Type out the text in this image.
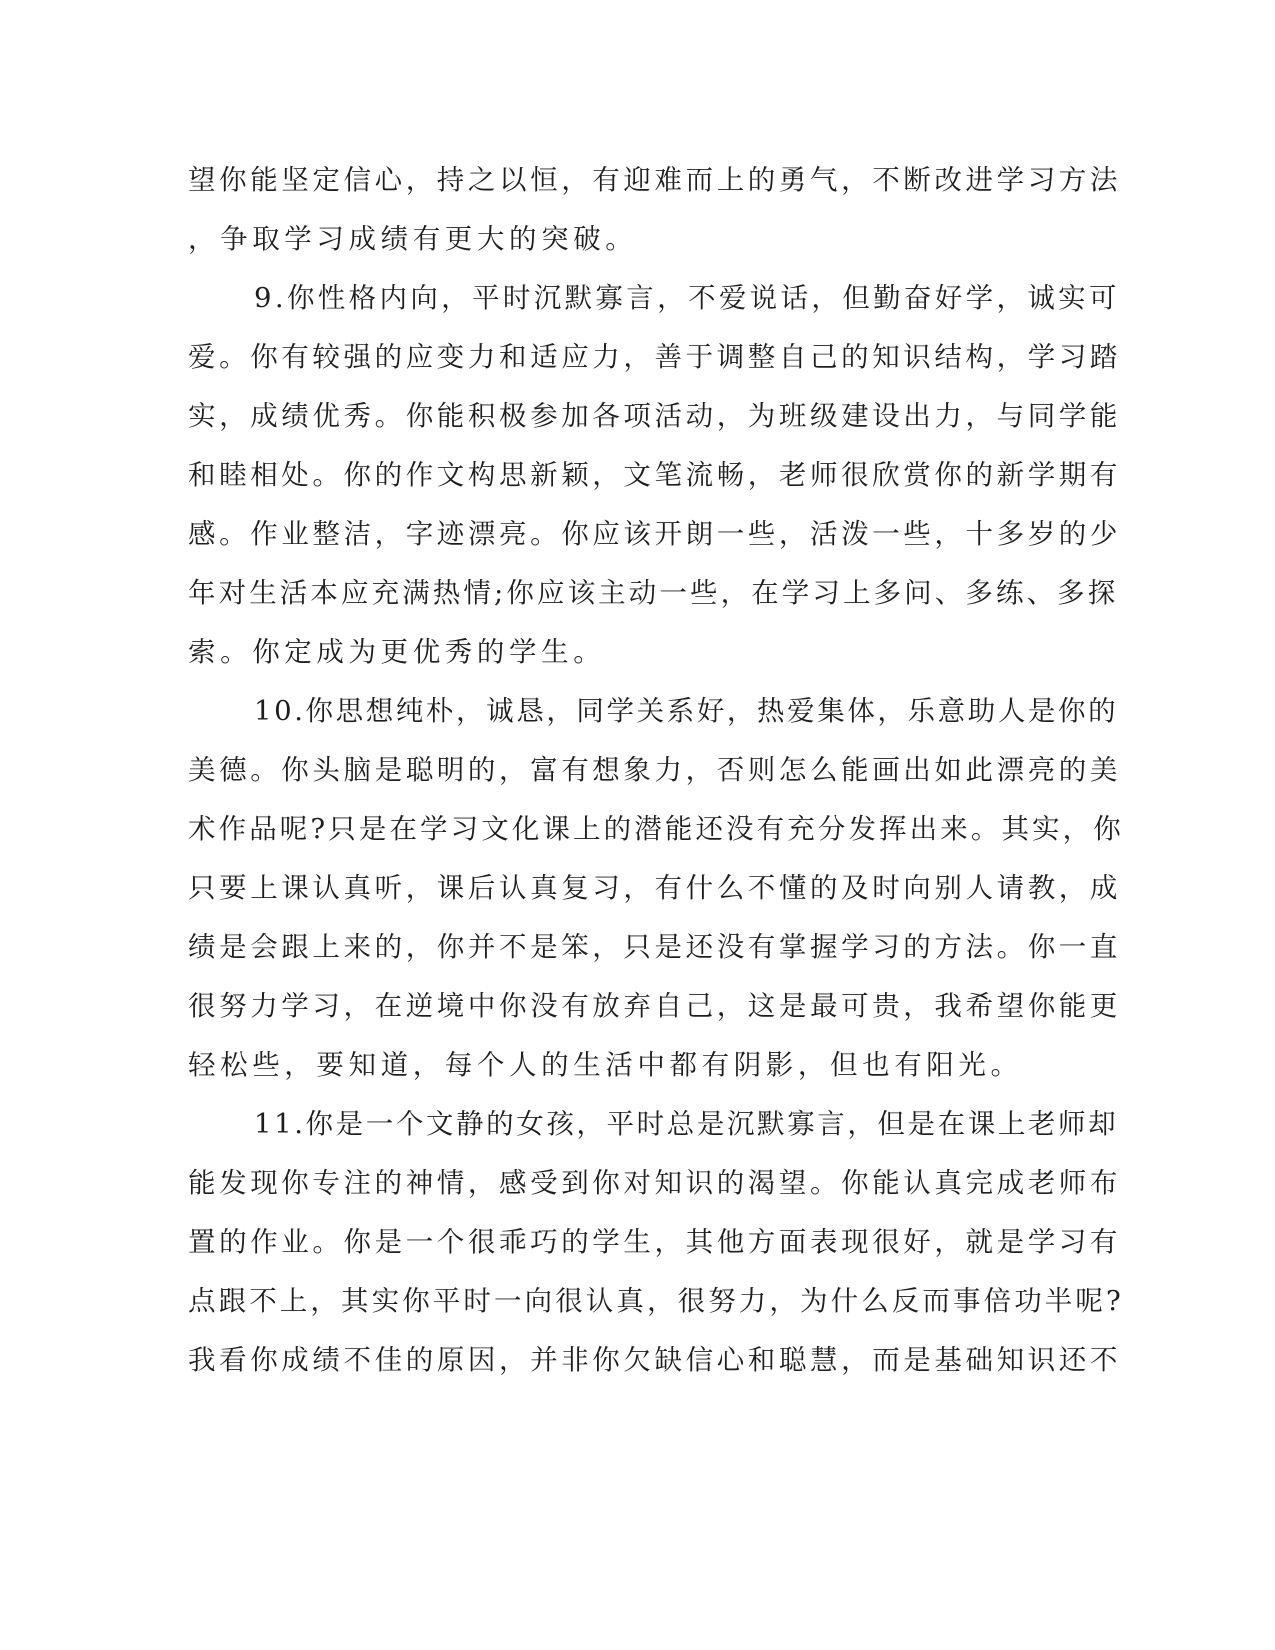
望你能坚定信心，持之以恒，有迎难而上的勇气，不断改进学习方法
，争取学习成绩有更大的突破。
9.你性格内向，平时沉默寡言，不爱说话，但勤奋好学，诚实可
爱。你有较强的应变力和适应力，善于调整自己的知识结构，学习踏
实，成绩优秀。你能积极参加各项活动，为班级建设出力，与同学能
和睦相处。你的作文构思新颖，文笔流畅，老师很欣赏你的新学期有
感。作业整洁，字迹漂亮。你应该开朗一些，活泼一些，十多岁的少
年对生活本应充满热情;你应该主动一些，在学习上多问、多练、多探
索。你定成为更优秀的学生。
10.你思想纯朴，诚恳，同学关系好，热爱集体，乐意助人是你的
美德。你头脑是聪明的，富有想象力，否则怎么能画出如此漂亮的美
术作品呢?只是在学习文化课上的潜能还没有充分发挥出来。其实，你
只要上课认真听，课后认真复习，有什么不懂的及时向别人请教，成
绩是会跟上来的，你并不是笨，只是还没有掌握学习的方法。你一直
很努力学习，在逆境中你没有放弃自己，这是最可贵，我希望你能更
轻松些，要知道，每个人的生活中都有阴影，但也有阳光。
11.你是一个文静的女孩，平时总是沉默寡言，但是在课上老师却
能发现你专注的神情，感受到你对知识的渴望。你能认真完成老师布
置的作业。你是一个很乖巧的学生，其他方面表现很好，就是学习有
点跟不上，其实你平时一向很认真，很努力，为什么反而事倍功半呢?
我看你成绩不佳的原因，并非你欠缺信心和聪慧，而是基础知识还不
